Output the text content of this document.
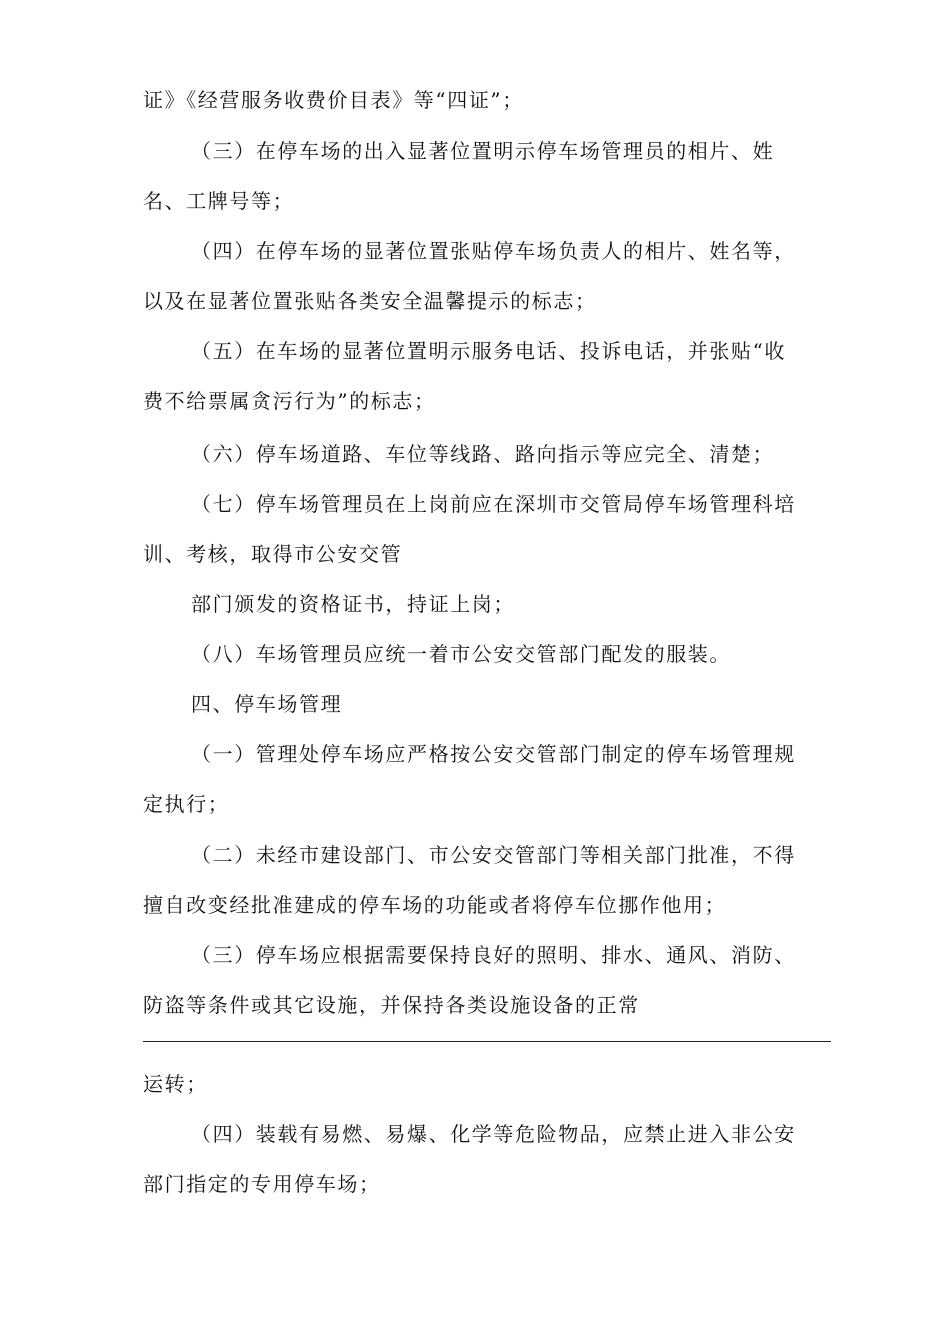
证》《经营服务收费价目表》等“四证”；
（三）在停车场的出入显著位置明示停车场管理员的相片、姓
名、工牌号等；
（四）在停车场的显著位置张贴停车场负责人的相片、姓名等，
以及在显著位置张贴各类安全温馨提示的标志；
（五）在车场的显著位置明示服务电话、投诉电话，并张贴“收
费不给票属贪污行为”的标志；
（六）停车场道路、车位等线路、路向指示等应完全、清楚；
（七）停车场管理员在上岗前应在深圳市交管局停车场管理科培
训、考核，取得市公安交管
部门颁发的资格证书，持证上岗；
（八）车场管理员应统一着市公安交管部门配发的服装。
四、停车场管理
（一）管理处停车场应严格按公安交管部门制定的停车场管理规
定执行；
（二）未经市建设部门、市公安交管部门等相关部门批准，不得
擅自改变经批准建成的停车场的功能或者将停车位挪作他用；
（三）停车场应根据需要保持良好的照明、排水、通风、消防、
防盗等条件或其它设施，并保持各类设施设备的正常
运转；
（四）装载有易燃、易爆、化学等危险物品，应禁止进入非公安
部门指定的专用停车场；
